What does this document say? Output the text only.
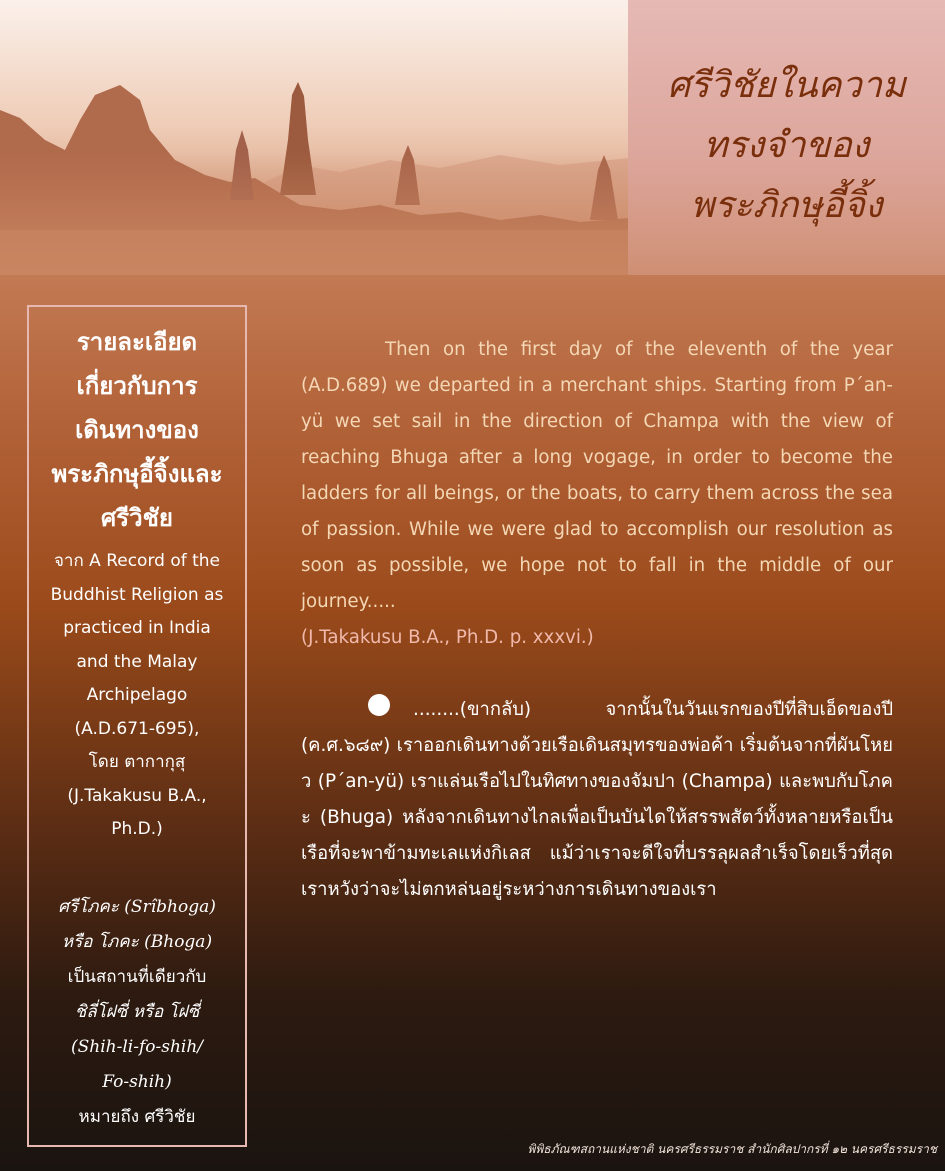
ศรีวิชัยในความ
ทรงจำของ
พระภิกษุอี้จิ้ง
รายละเอียด
เกี่ยวกับการ
เดินทางของ
พระภิกษุอี้จิ้งและ
ศรีวิชัย
จาก A Record of the
Buddhist Religion as
practiced in India
and the Malay
Archipelago
(A.D.671-695),
โดย ตากากุสุ
(J.Takakusu B.A.,
Ph.D.)
ศรีโภคะ (Srîbhoga)
หรือ โภคะ (Bhoga)
เป็นสถานที่เดียวกับ
ชิลี่โฝซี่ หรือ โฝซี่
(Shih-li-fo-shih/
Fo-shih)
หมายถึง ศรีวิชัย

Then on the first day of the eleventh of the year (A.D.689) we departed in a merchant ships. Starting from P´an-yü we set sail in the direction of Champa with the view of reaching Bhuga after a long vogage, in order to become the ladders for all beings, or the boats, to carry them across the sea of passion. While we were glad to accomplish our resolution as soon as possible, we hope not to fall in the middle of our journey.....

(J.Takakusu B.A., Ph.D. p. xxxvi.)

........(ขากลับ) จากนั้นในวันแรกของปีที่สิบเอ็ดของปี (ค.ศ.๖๘๙) เราออกเดินทางด้วยเรือเดินสมุทรของพ่อค้า เริ่มต้นจากที่ผันโหยว (P´an-yü) เราแล่นเรือไปในทิศทางของจัมปา (Champa) และพบกับโภคะ (Bhuga) หลังจากเดินทางไกลเพื่อเป็นบันไดให้สรรพสัตว์ทั้งหลายหรือเป็นเรือที่จะพาข้ามทะเลแห่งกิเลส แม้ว่าเราจะดีใจที่บรรลุผลสำเร็จโดยเร็วที่สุด เราหวังว่าจะไม่ตกหล่นอยู่ระหว่างการเดินทางของเรา

พิพิธภัณฑสถานแห่งชาติ นครศรีธรรมราช สำนักศิลปากรที่ ๑๒ นครศรีธรรมราช
